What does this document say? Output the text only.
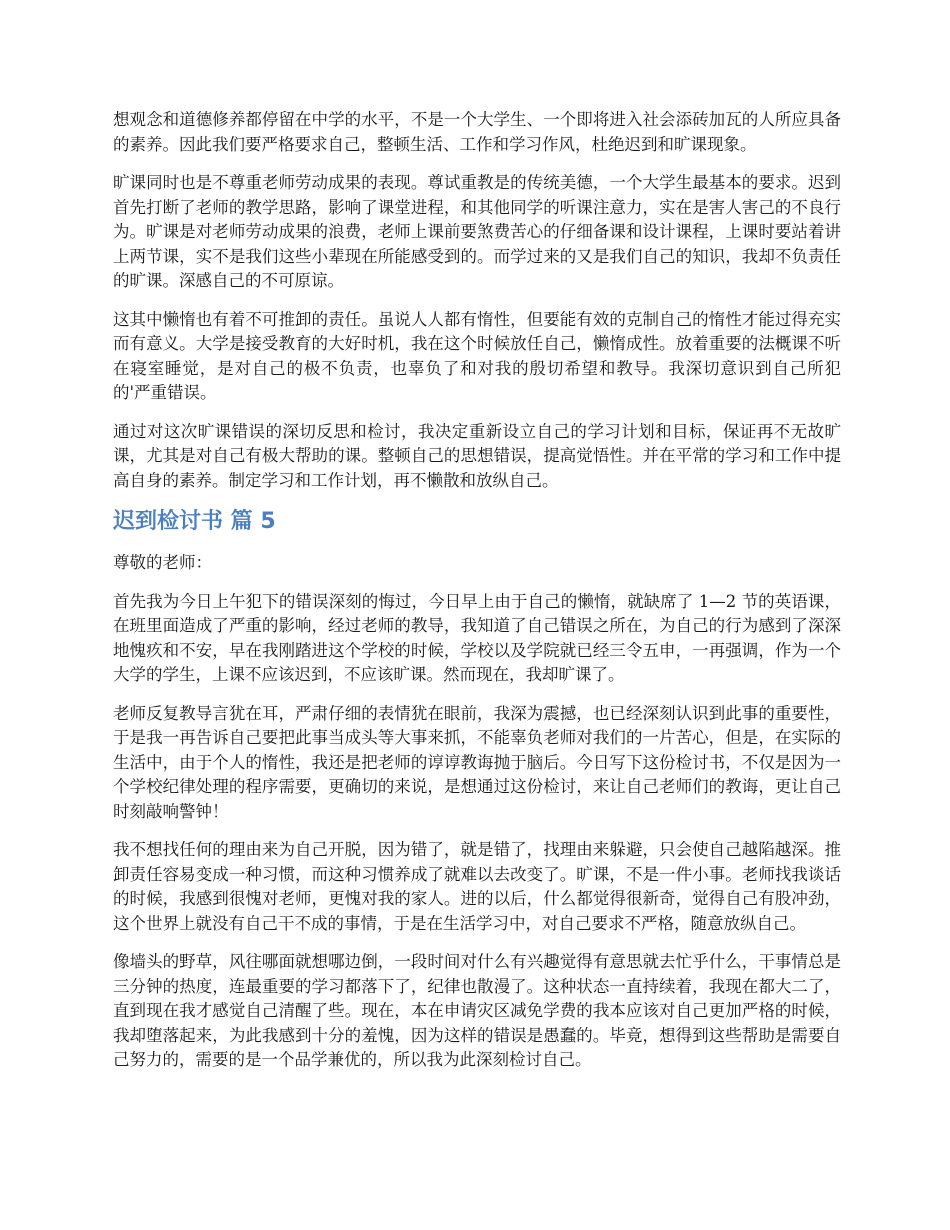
想观念和道德修养都停留在中学的水平，不是一个大学生、一个即将进入社会添砖加瓦的人所应具备的素养。因此我们要严格要求自己，整顿生活、工作和学习作风，杜绝迟到和旷课现象。

旷课同时也是不尊重老师劳动成果的表现。尊试重教是的传统美德，一个大学生最基本的要求。迟到首先打断了老师的教学思路，影响了课堂进程，和其他同学的听课注意力，实在是害人害己的不良行为。旷课是对老师劳动成果的浪费，老师上课前要煞费苦心的仔细备课和设计课程，上课时要站着讲上两节课，实不是我们这些小辈现在所能感受到的。而学过来的又是我们自己的知识，我却不负责任的旷课。深感自己的不可原谅。

这其中懒惰也有着不可推卸的责任。虽说人人都有惰性，但要能有效的克制自己的惰性才能过得充实而有意义。大学是接受教育的大好时机，我在这个时候放任自己，懒惰成性。放着重要的法概课不听在寝室睡觉，是对自己的极不负责，也辜负了和对我的殷切希望和教导。我深切意识到自己所犯的'严重错误。

通过对这次旷课错误的深切反思和检讨，我决定重新设立自己的学习计划和目标，保证再不无故旷课，尤其是对自己有极大帮助的课。整顿自己的思想错误，提高觉悟性。并在平常的学习和工作中提高自身的素养。制定学习和工作计划，再不懒散和放纵自己。

迟到检讨书 篇 5

尊敬的老师：

首先我为今日上午犯下的错误深刻的悔过，今日早上由于自己的懒惰，就缺席了 1—2 节的英语课，在班里面造成了严重的影响，经过老师的教导，我知道了自己错误之所在，为自己的行为感到了深深地愧疚和不安，早在我刚踏进这个学校的时候，学校以及学院就已经三令五申，一再强调，作为一个大学的学生，上课不应该迟到，不应该旷课。然而现在，我却旷课了。

老师反复教导言犹在耳，严肃仔细的表情犹在眼前，我深为震撼，也已经深刻认识到此事的重要性，于是我一再告诉自己要把此事当成头等大事来抓，不能辜负老师对我们的一片苦心，但是，在实际的生活中，由于个人的惰性，我还是把老师的谆谆教诲抛于脑后。今日写下这份检讨书，不仅是因为一个学校纪律处理的程序需要，更确切的来说，是想通过这份检讨，来让自己老师们的教诲，更让自己时刻敲响警钟！

我不想找任何的理由来为自己开脱，因为错了，就是错了，找理由来躲避，只会使自己越陷越深。推卸责任容易变成一种习惯，而这种习惯养成了就难以去改变了。旷课，不是一件小事。老师找我谈话的时候，我感到很愧对老师，更愧对我的家人。进的以后，什么都觉得很新奇，觉得自己有股冲劲，这个世界上就没有自己干不成的事情，于是在生活学习中，对自己要求不严格，随意放纵自己。

像墙头的野草，风往哪面就想哪边倒，一段时间对什么有兴趣觉得有意思就去忙乎什么，干事情总是三分钟的热度，连最重要的学习都落下了，纪律也散漫了。这种状态一直持续着，我现在都大二了，直到现在我才感觉自己清醒了些。现在，本在申请灾区减免学费的我本应该对自己更加严格的时候，我却堕落起来，为此我感到十分的羞愧，因为这样的错误是愚蠢的。毕竟，想得到这些帮助是需要自己努力的，需要的是一个品学兼优的，所以我为此深刻检讨自己。
